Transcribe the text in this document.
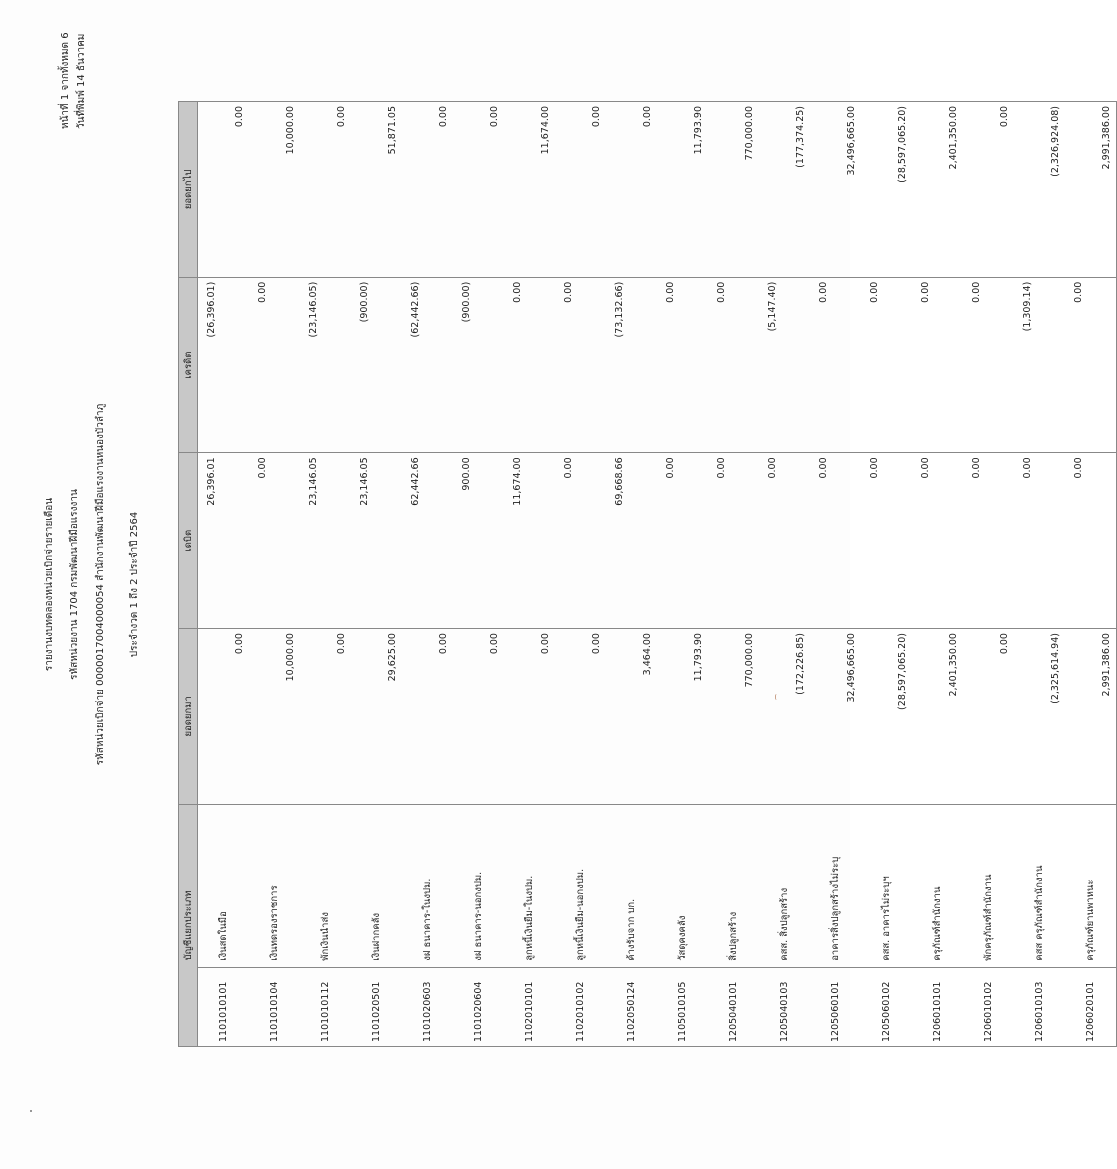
รายงานงบทดลองหน่วยเบิกจ่ายรายเดือน รหัสหน่วยงาน 1704 กรมพัฒนาฝีมือแรงงาน รหัสหน่วยเบิกจ่าย 0000017004000054 สำนักงานพัฒนาฝีมือแรงงานหนองบัวลำภู ประจำงวด 1 ถึง 2 ประจำปี 2564
หน้าที่ 1 จากทั้งหมด 6 วันที่พิมพ์ 14 ธันวาคม
บัญชีแยกประเภท		ยอดยกมา	เดบิต	เครดิต	ยอดยกไป
1101010101	เงินสดในมือ	0.00	26,396.01	(26,396.01)	0.00
1101010104	เงินทดรองราชการ	10,000.00	0.00	0.00	10,000.00
1101010112	พักเงินนำส่ง	0.00	23,146.05	(23,146.05)	0.00
1101020501	เงินฝากคลัง	29,625.00	23,146.05	(900.00)	51,871.05
1101020603	งฝ ธนาคาร-ในงปม.	0.00	62,442.66	(62,442.66)	0.00
1101020604	งฝ ธนาคาร-นอกงปม.	0.00	900.00	(900.00)	0.00
1102010101	ลูกหนี้เงินยืม-ในงปม.	0.00	11,674.00	0.00	11,674.00
1102010102	ลูกหนี้เงินยืม-นอกงปม.	0.00	0.00	0.00	0.00
1102050124	ค้างรับจาก บก.	3,464.00	69,668.66	(73,132.66)	0.00
1105010105	วัสดุคงคลัง	11,793.90	0.00	0.00	11,793.90
1205040101	สิ่งปลูกสร้าง	770,000.00	0.00	0.00	770,000.00
1205040103	คสส. สิ่งปลูกสร้าง	(172,226.85)	0.00	(5,147.40)	(177,374.25)
1205060101	อาคารสิ่งปลูกสร้างไม่ระบุ	32,496,665.00	0.00	0.00	32,496,665.00
1205060102	คสส. อาคารไม่ระบุฯ	(28,597,065.20)	0.00	0.00	(28,597,065.20)
1206010101	ครุภัณฑ์สำนักงาน	2,401,350.00	0.00	0.00	2,401,350.00
1206010102	พักครุภัณฑ์สำนักงาน	0.00	0.00	0.00	0.00
1206010103	คสส ครุภัณฑ์สำนักงาน	(2,325,614.94)	0.00	(1,309.14)	(2,326,924.08)
1206020101	ครุภัณฑ์ยานพาหนะ	2,991,386.00	0.00	0.00	2,991,386.00
